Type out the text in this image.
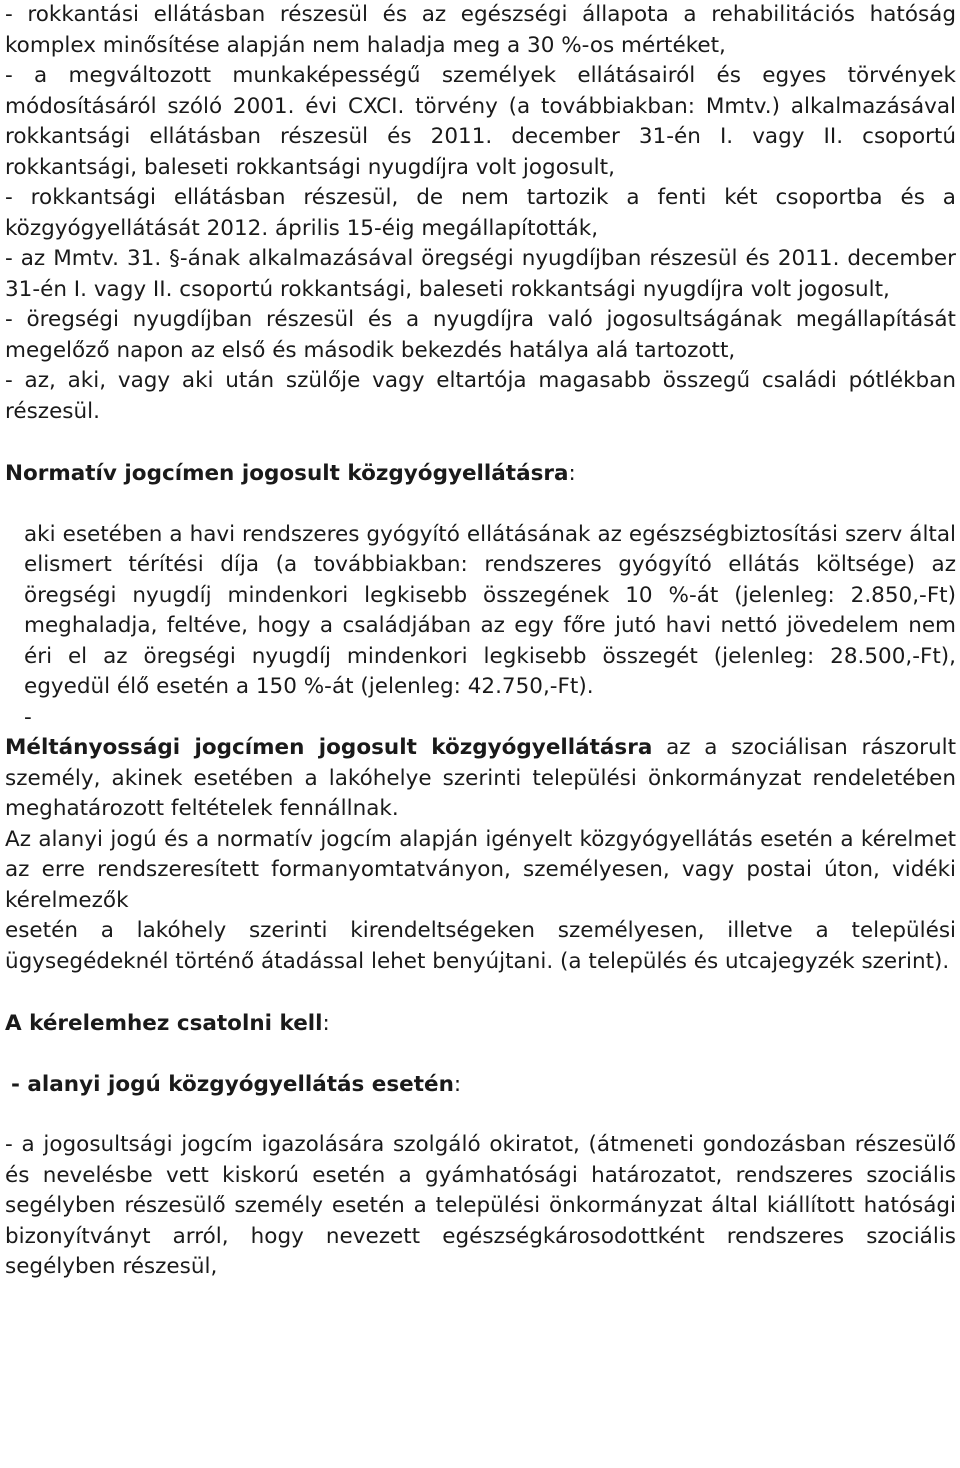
- rokkantási ellátásban részesül és az egészségi állapota a rehabilitációs hatóság komplex minősítése alapján nem haladja meg a 30 %-os mértéket,

- a megváltozott munkaképességű személyek ellátásairól és egyes törvények módosításáról szóló 2001. évi CXCI. törvény (a továbbiakban: Mmtv.) alkalmazásával rokkantsági ellátásban részesül és 2011. december 31-én I. vagy II. csoportú rokkantsági, baleseti rokkantsági nyugdíjra volt jogosult,

- rokkantsági ellátásban részesül, de nem tartozik a fenti két csoportba és a közgyógyellátását 2012. április 15-éig megállapították,

- az Mmtv. 31. §-ának alkalmazásával öregségi nyugdíjban részesül és 2011. december 31-én I. vagy II. csoportú rokkantsági, baleseti rokkantsági nyugdíjra volt jogosult,

- öregségi nyugdíjban részesül és a nyugdíjra való jogosultságának megállapítását megelőző napon az első és második bekezdés hatálya alá tartozott,

- az, aki, vagy aki után szülője vagy eltartója magasabb összegű családi pótlékban részesül.

Normatív jogcímen jogosult közgyógyellátásra:

aki esetében a havi rendszeres gyógyító ellátásának az egészségbiztosítási szerv által elismert térítési díja (a továbbiakban: rendszeres gyógyító ellátás költsége) az öregségi nyugdíj mindenkori legkisebb összegének 10 %-át (jelenleg: 2.850,-Ft) meghaladja, feltéve, hogy a családjában az egy főre jutó havi nettó jövedelem nem éri el az öregségi nyugdíj mindenkori legkisebb összegét (jelenleg: 28.500,-Ft), egyedül élő esetén a 150 %-át (jelenleg: 42.750,-Ft).

-

Méltányossági jogcímen jogosult közgyógyellátásra az a szociálisan rászorult személy, akinek esetében a lakóhelye szerinti települési önkormányzat rendeletében meghatározott feltételek fennállnak.

Az alanyi jogú és a normatív jogcím alapján igényelt közgyógyellátás esetén a kérelmet az erre rendszeresített formanyomtatványon, személyesen, vagy postai úton, vidéki kérelmezők

esetén a lakóhely szerinti kirendeltségeken személyesen, illetve a települési ügysegédeknél történő átadással lehet benyújtani. (a település és utcajegyzék szerint).

A kérelemhez csatolni kell:

- alanyi jogú közgyógyellátás esetén:

- a jogosultsági jogcím igazolására szolgáló okiratot, (átmeneti gondozásban részesülő és nevelésbe vett kiskorú esetén a gyámhatósági határozatot, rendszeres szociális segélyben részesülő személy esetén a települési önkormányzat által kiállított hatósági bizonyítványt arról, hogy nevezett egészségkárosodottként rendszeres szociális segélyben részesül,
